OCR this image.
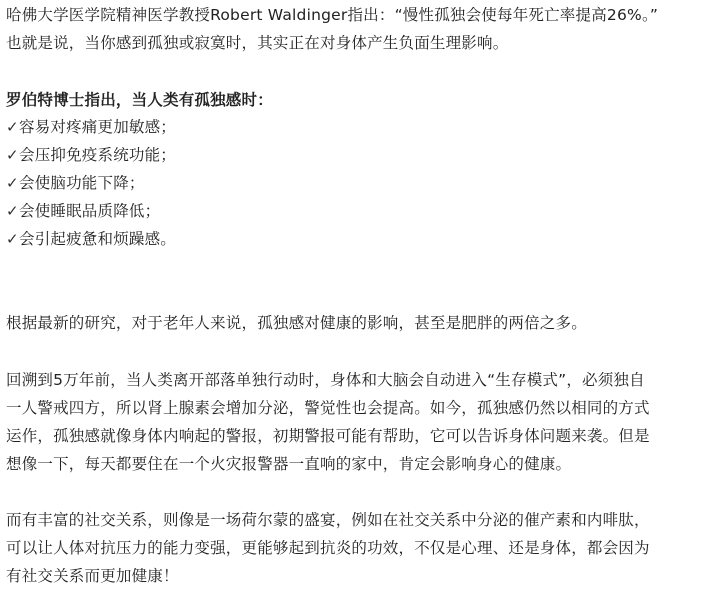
哈佛大学医学院精神医学教授Robert Waldinger指出：“慢性孤独会使每年死亡率提高26%。”
也就是说，当你感到孤独或寂寞时，其实正在对身体产生负面生理影响。
罗伯特博士指出，当人类有孤独感时：
✓ 容易对疼痛更加敏感；
✓ 会压抑免疫系统功能；
✓ 会使脑功能下降；
✓ 会使睡眠品质降低；
✓ 会引起疲惫和烦躁感。
根据最新的研究，对于老年人来说，孤独感对健康的影响，甚至是肥胖的两倍之多。
回溯到5万年前，当人类离开部落单独行动时，身体和大脑会自动进入“生存模式”，必须独自
一人警戒四方，所以肾上腺素会增加分泌，警觉性也会提高。如今，孤独感仍然以相同的方式
运作，孤独感就像身体内响起的警报，初期警报可能有帮助，它可以告诉身体问题来袭。但是
想像一下，每天都要住在一个火灾报警器一直响的家中，肯定会影响身心的健康。
而有丰富的社交关系，则像是一场荷尔蒙的盛宴，例如在社交关系中分泌的催产素和内啡肽，
可以让人体对抗压力的能力变强，更能够起到抗炎的功效，不仅是心理、还是身体，都会因为
有社交关系而更加健康！
